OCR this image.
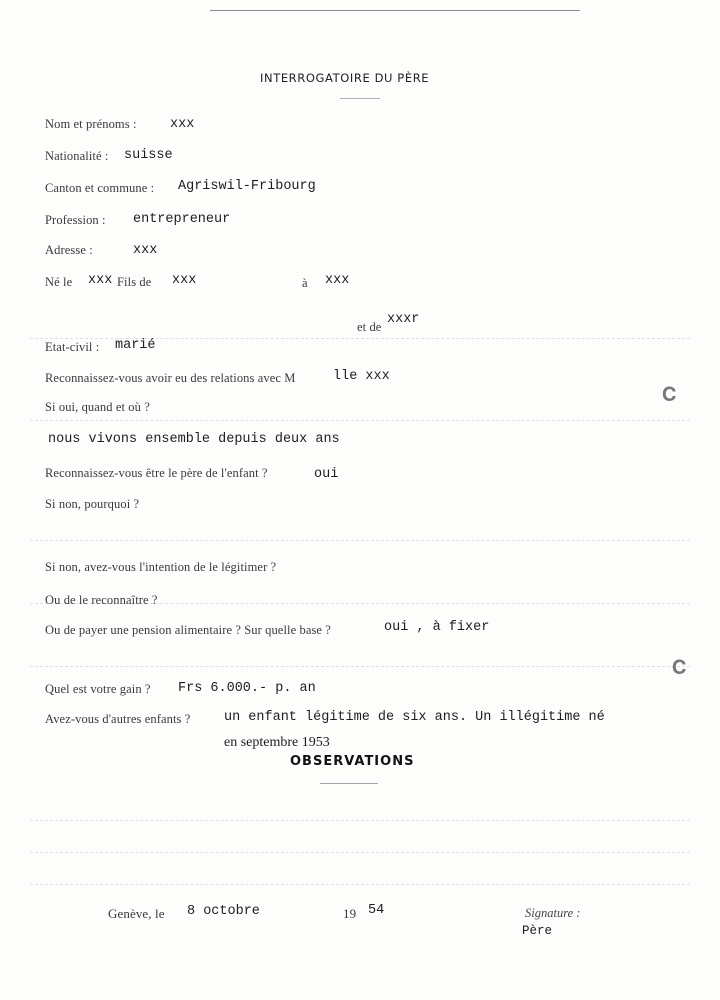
INTERROGATOIRE DU PÈRE
Nom et prénoms : xxx
Nationalité : suisse
Canton et commune : Agriswil-Fribourg
Profession : entrepreneur
Adresse :	xxx
Né le xxx Fils de xxx	à xxx
et de xxxr
Etat-civil : marié
Reconnaissez-vous avoir eu des relations avec M	lle xxx
Si oui, quand et où ?
nous vivons ensemble depuis deux ans
Reconnaissez-vous être le père de l'enfant ?	oui
Si non, pourquoi ?
Si non, avez-vous l'intention de le légitimer ?
Ou de le reconnaître ?
Ou de payer une pension alimentaire ? Sur quelle base ?	oui , à fixer
Quel est votre gain ? Frs 6.000.- p. an
Avez-vous d'autres enfants ? un enfant légitime de six ans. Un illégitime né
en septembre 1953
OBSERVATIONS
Genève, le 8 octobre	19 54	Signature :
Père
𝐂
𝐂
